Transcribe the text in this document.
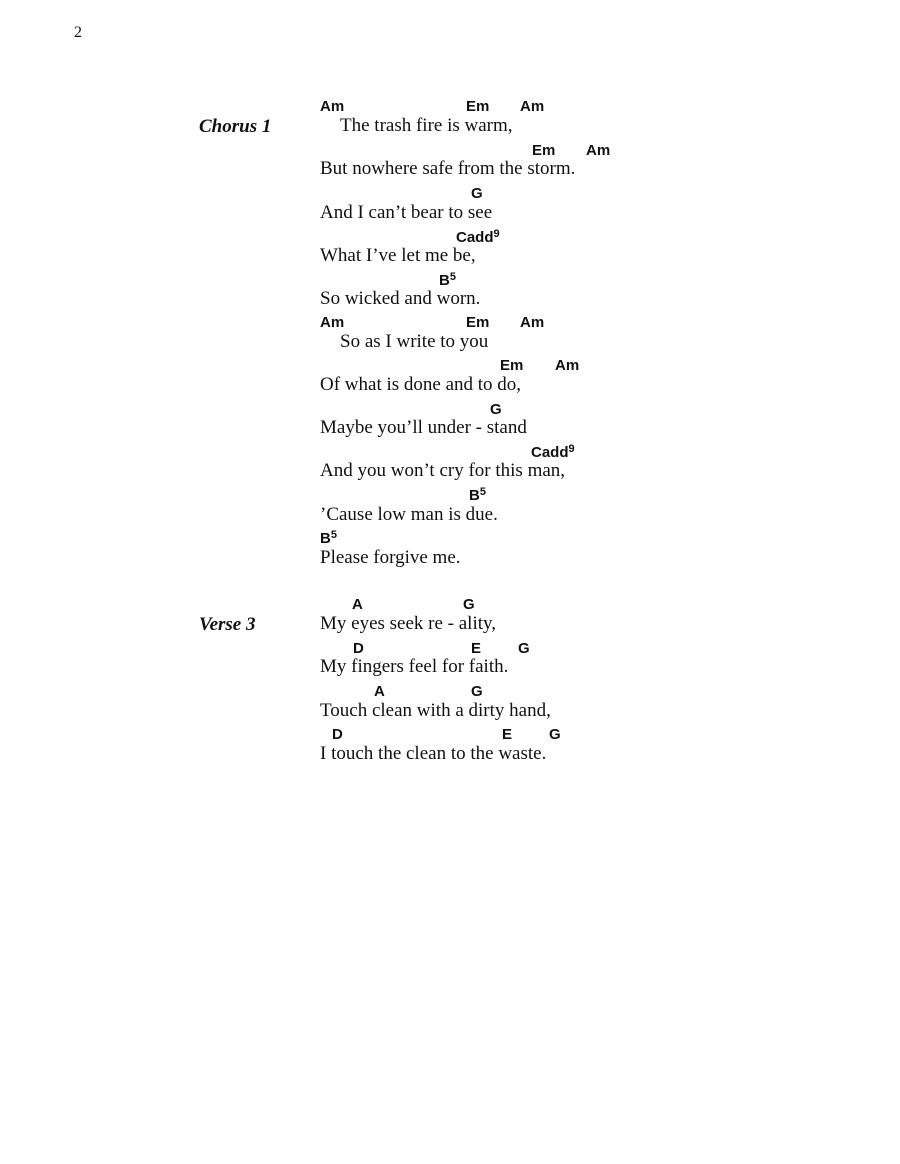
2
Chorus 1
Am	Em Am
The trash fire is warm,
Em Am
But nowhere safe from the storm.
G
And I can’t bear to see
Cadd$^9$
What I’ve let me be,
$B^5$
So wicked and worn.
Am	Em Am
So as I write to you
Em Am
Of what is done and to do,
G
Maybe you’ll under - stand
Cadd$^9$
And you won’t cry for this man,
$B^5$
’Cause low man is due.
$B^5$
Please forgive me.
Verse 3
A	G
My eyes seek re - ality,
D	E G
My fingers feel for faith.
A	G
Touch clean with a dirty hand,
D	E G
I touch the clean to the waste.
